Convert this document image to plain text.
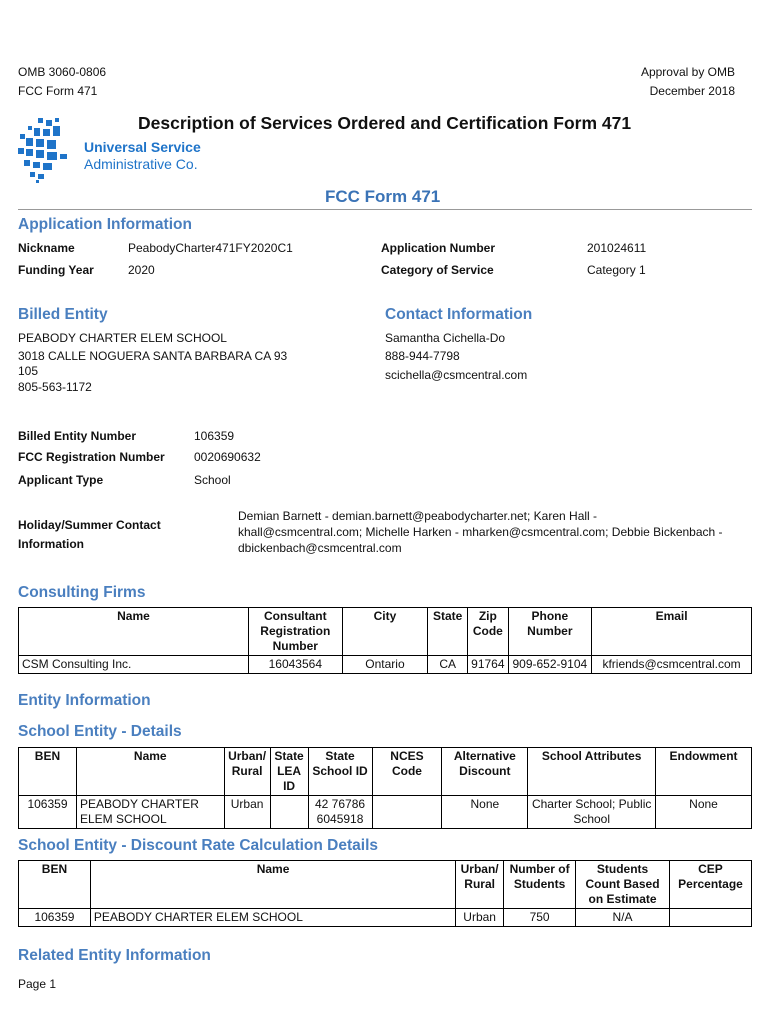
OMB 3060-0806
FCC Form 471
Approval by OMB
December 2018
Description of Services Ordered and Certification Form 471
Universal Service
Administrative Co.
FCC Form 471
Application Information
Nickname	PeabodyCharter471FY2020C1	Application Number	201024611
Funding Year	2020	Category of Service	Category 1
Billed Entity
PEABODY CHARTER ELEM SCHOOL
3018 CALLE NOGUERA SANTA BARBARA CA 93
105
805-563-1172
Contact Information
Samantha Cichella-Do
888-944-7798
scichella@csmcentral.com
Billed Entity Number	106359
FCC Registration Number 0020690632
Applicant Type	School
Holiday/Summer Contact
Information
Demian Barnett - demian.barnett@peabodycharter.net; Karen Hall -
khall@csmcentral.com; Michelle Harken - mharken@csmcentral.com; Debbie Bickenbach -
dbickenbach@csmcentral.com
Consulting Firms
Name	Consultant Registration Number	City	State	Zip Code	Phone Number	Email
CSM Consulting Inc.	16043564	Ontario	CA	91764	909-652-9104	kfriends@csmcentral.com
Entity Information
School Entity - Details
BEN	Name	Urban/ Rural	State LEA ID	State School ID	NCES Code	Alternative Discount	School Attributes	Endowment
106359	PEABODY CHARTER ELEM SCHOOL	Urban		42 76786 6045918		None	Charter School; Public School	None
School Entity - Discount Rate Calculation Details
BEN	Name	Urban/ Rural	Number of Students	Students Count Based on Estimate	CEP Percentage
106359	PEABODY CHARTER ELEM SCHOOL	Urban	750	N/A	
Related Entity Information
Page 1
